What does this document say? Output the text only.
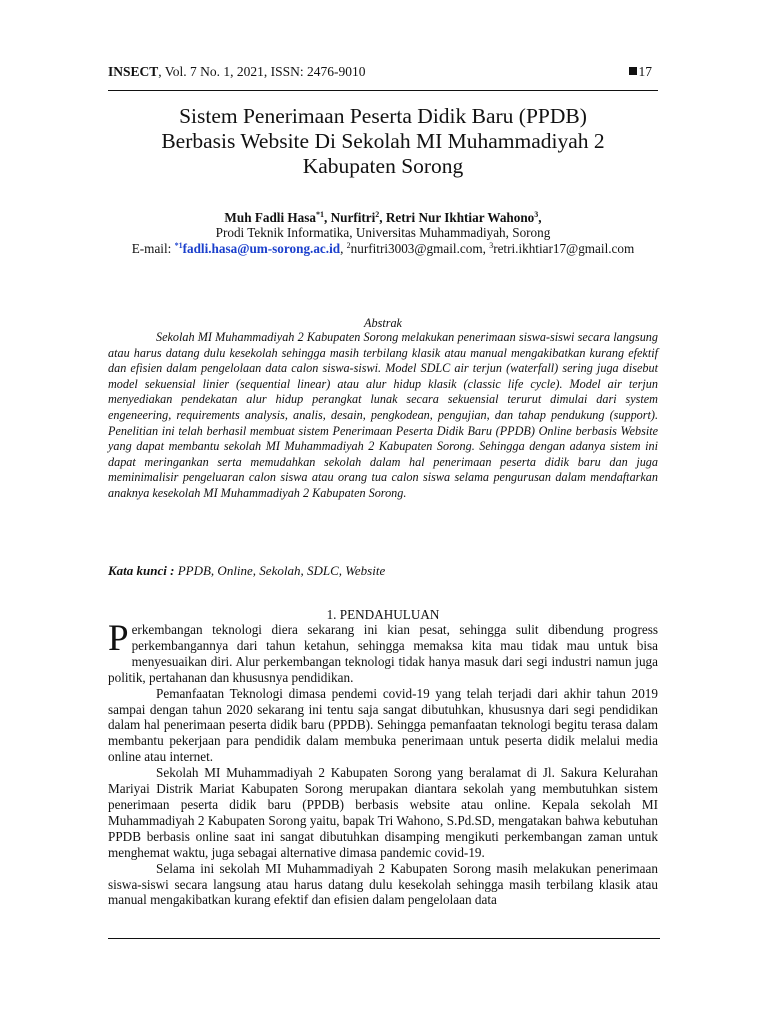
INSECT, Vol. 7 No. 1, 2021, ISSN: 2476-9010	17
Sistem Penerimaan Peserta Didik Baru (PPDB)
Berbasis Website Di Sekolah MI Muhammadiyah 2
Kabupaten Sorong
Muh Fadli Hasa$^{*1}$, Nurfitri$^2$, Retri Nur Ikhtiar Wahono$^3$,
Prodi Teknik Informatika, Universitas Muhammadiyah, Sorong
E-mail: $^{*1}$fadli.hasa@um-sorong.ac.id, $^2$nurfitri3003@gmail.com, $^3$retri.ikhtiar17@gmail.com
Abstrak

Sekolah MI Muhammadiyah 2 Kabupaten Sorong melakukan penerimaan siswa-siswi secara langsung atau harus datang dulu kesekolah sehingga masih terbilang klasik atau manual mengakibatkan kurang efektif dan efisien dalam pengelolaan data calon siswa-siswi. Model SDLC air terjun (waterfall) sering juga disebut model sekuensial linier (sequential linear) atau alur hidup klasik (classic life cycle). Model air terjun menyediakan pendekatan alur hidup perangkat lunak secara sekuensial terurut dimulai dari system engeneering, requirements analysis, analis, desain, pengkodean, pengujian, dan tahap pendukung (support). Penelitian ini telah berhasil membuat sistem Penerimaan Peserta Didik Baru (PPDB) Online berbasis Website yang dapat membantu sekolah MI Muhammadiyah 2 Kabupaten Sorong. Sehingga dengan adanya sistem ini dapat meringankan serta memudahkan sekolah dalam hal penerimaan peserta didik baru dan juga meminimalisir pengeluaran calon siswa atau orang tua calon siswa selama pengurusan dalam mendaftarkan anaknya kesekolah MI Muhammadiyah 2 Kabupaten Sorong.

Kata kunci : PPDB, Online, Sekolah, SDLC, Website
1. PENDAHULUAN

Perkembangan teknologi diera sekarang ini kian pesat, sehingga sulit dibendung progress perkembangannya dari tahun ketahun, sehingga memaksa kita mau tidak mau untuk bisa menyesuaikan diri. Alur perkembangan teknologi tidak hanya masuk dari segi industri namun juga politik, pertahanan dan khususnya pendidikan.

Pemanfaatan Teknologi dimasa pendemi covid-19 yang telah terjadi dari akhir tahun 2019 sampai dengan tahun 2020 sekarang ini tentu saja sangat dibutuhkan, khususnya dari segi pendidikan dalam hal penerimaan peserta didik baru (PPDB). Sehingga pemanfaatan teknologi begitu terasa dalam membantu pekerjaan para pendidik dalam membuka penerimaan untuk peserta didik melalui media online atau internet.

Sekolah MI Muhammadiyah 2 Kabupaten Sorong yang beralamat di Jl. Sakura Kelurahan Mariyai Distrik Mariat Kabupaten Sorong merupakan diantara sekolah yang membutuhkan sistem penerimaan peserta didik baru (PPDB) berbasis website atau online. Kepala sekolah MI Muhammadiyah 2 Kabupaten Sorong yaitu, bapak Tri Wahono, S.Pd.SD, mengatakan bahwa kebutuhan PPDB berbasis online saat ini sangat dibutuhkan disamping mengikuti perkembangan zaman untuk menghemat waktu, juga sebagai alternative dimasa pandemic covid-19.

Selama ini sekolah MI Muhammadiyah 2 Kabupaten Sorong masih melakukan penerimaan siswa-siswi secara langsung atau harus datang dulu kesekolah sehingga masih terbilang klasik atau manual mengakibatkan kurang efektif dan efisien dalam pengelolaan data
